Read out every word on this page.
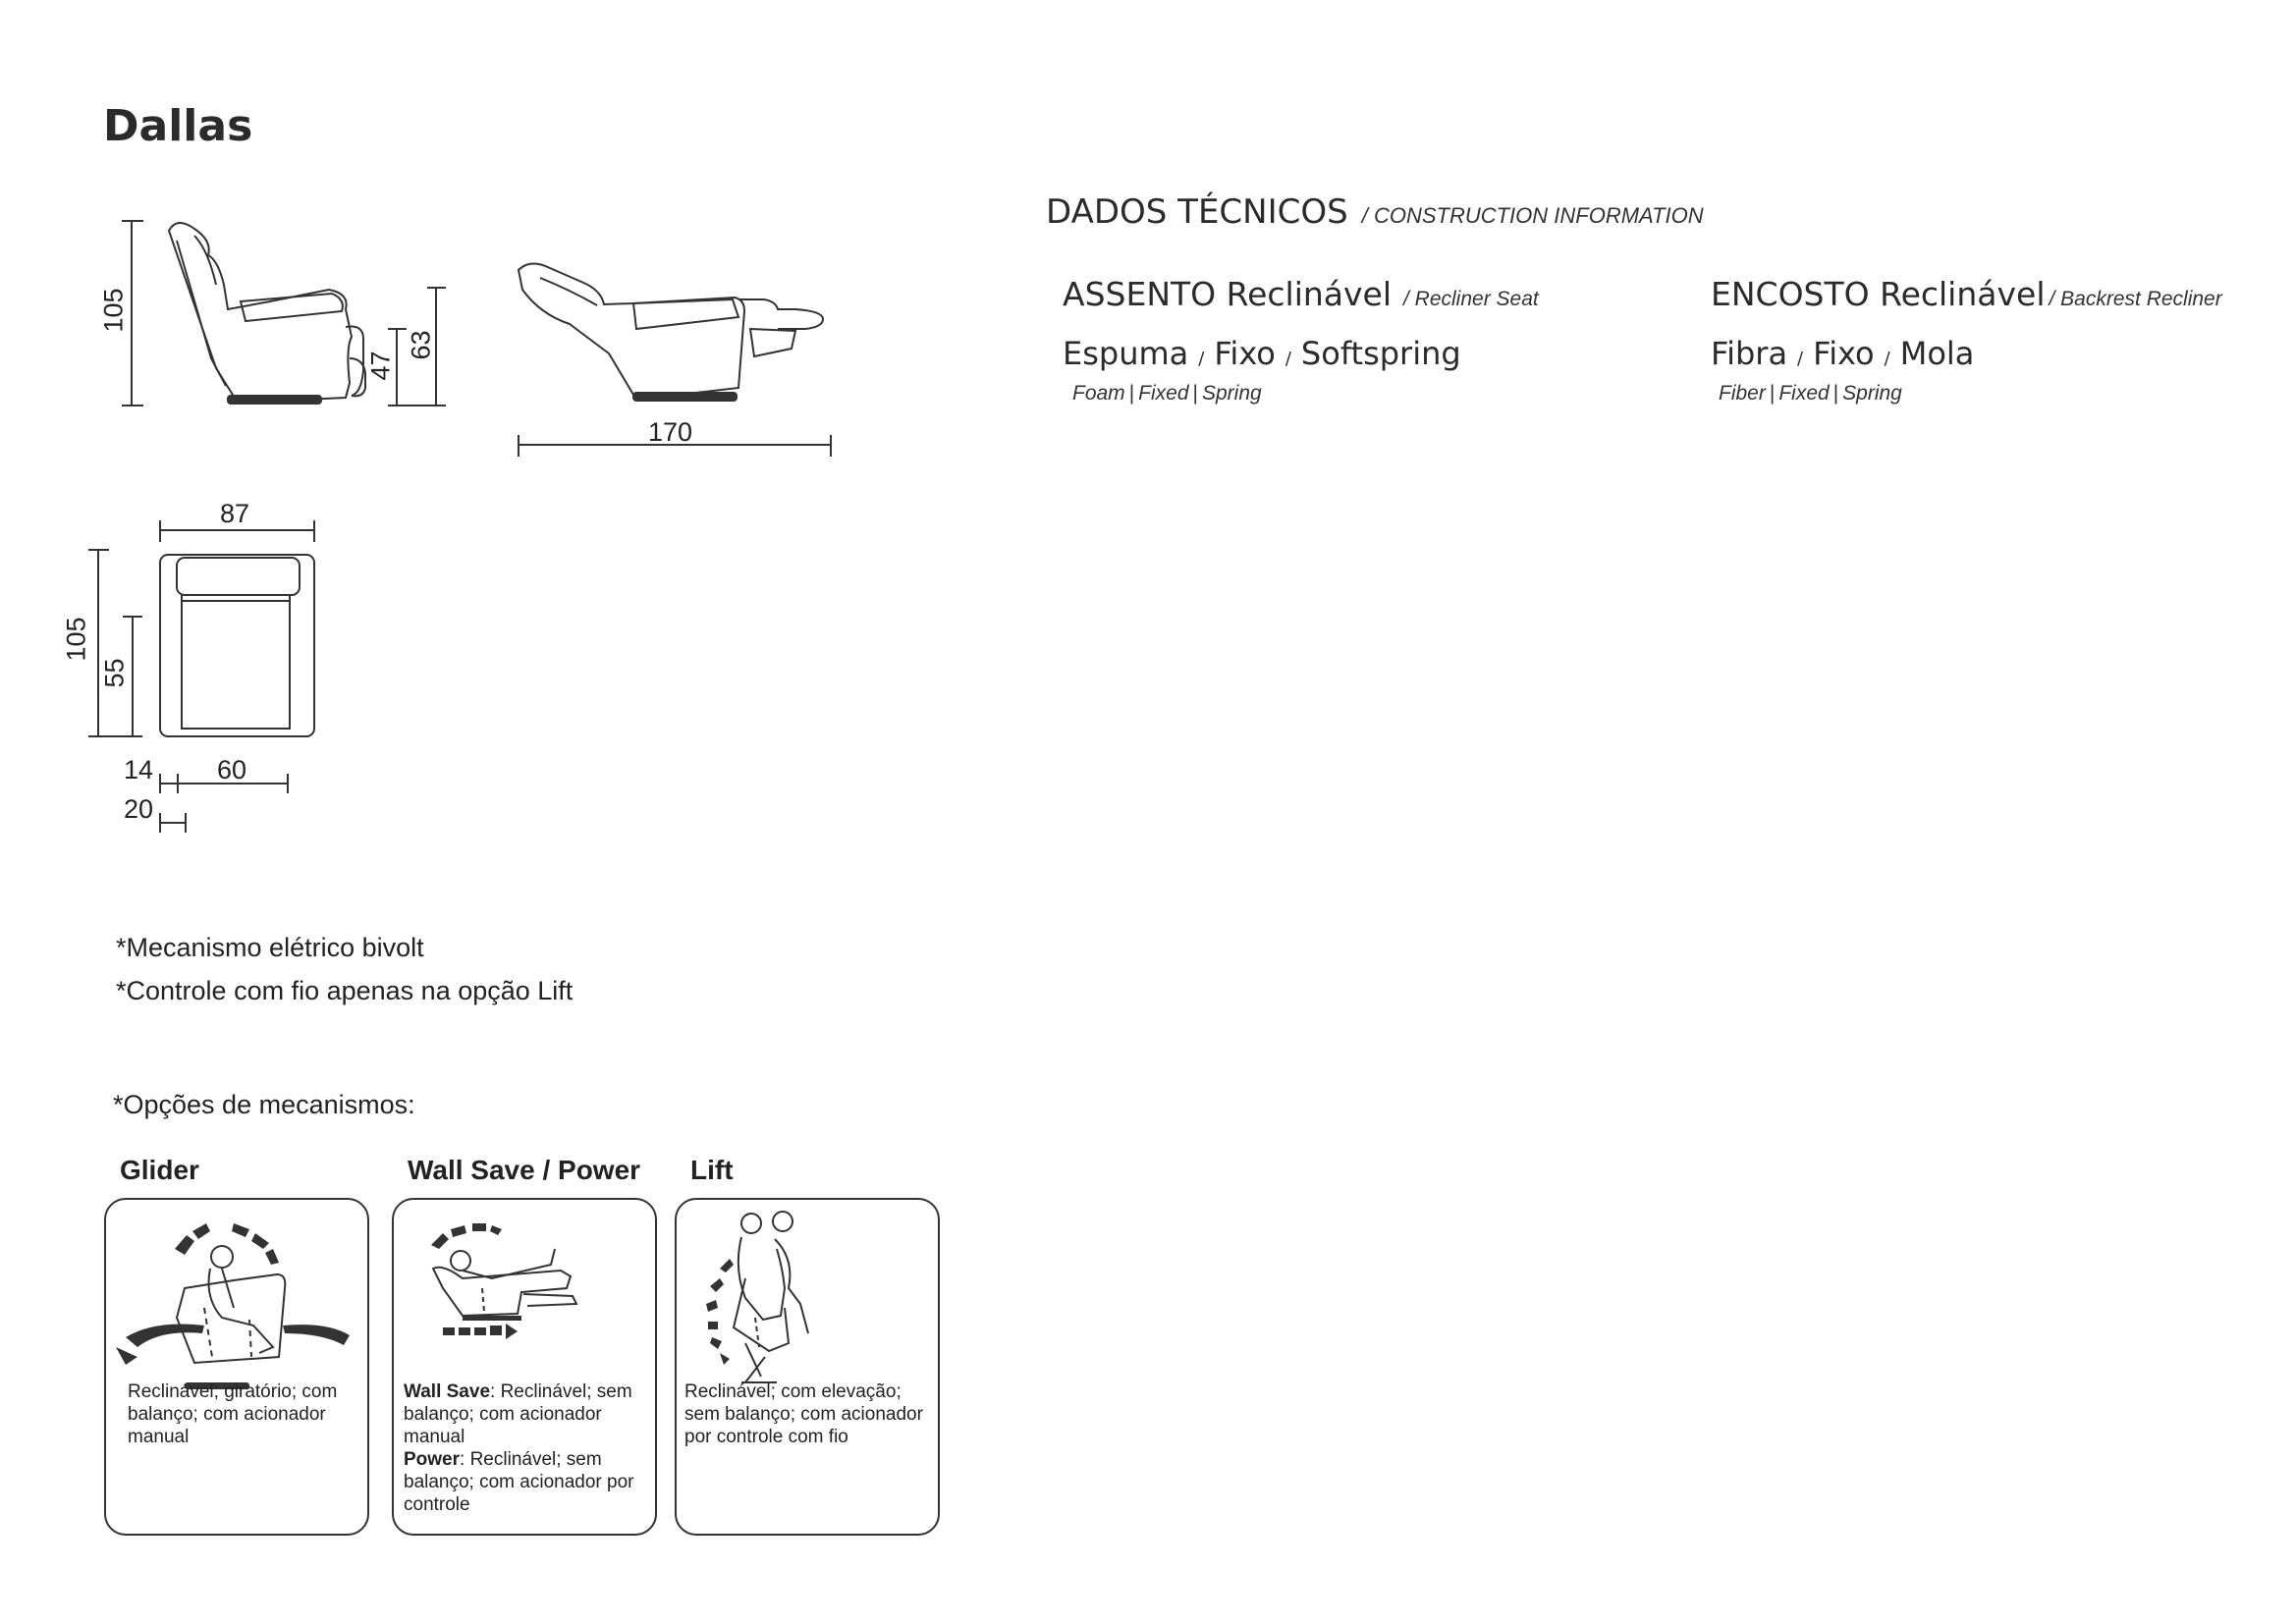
Dallas
105
47
63
170
87
105
55
14 60
20
DADOS TÉCNICOS / CONSTRUCTION INFORMATION
ASSENTO Reclinável / Recliner Seat
Espuma / Fixo / Softspring
Foam | Fixed | Spring
ENCOSTO Reclinável / Backrest Recliner
Fibra / Fixo / Mola
Fiber | Fixed | Spring
*Mecanismo elétrico bivolt
*Controle com fio apenas na opção Lift
*Opções de mecanismos:
Glider	Wall Save / Power Lift
Reclinável; giratório; com balanço; com acionador manual
Wall Save: Reclinável; sem balanço; com acionador manual
Power: Reclinável; sem balanço; com acionador por controle
Reclinável; com elevação; sem balanço; com acionador por controle com fio
